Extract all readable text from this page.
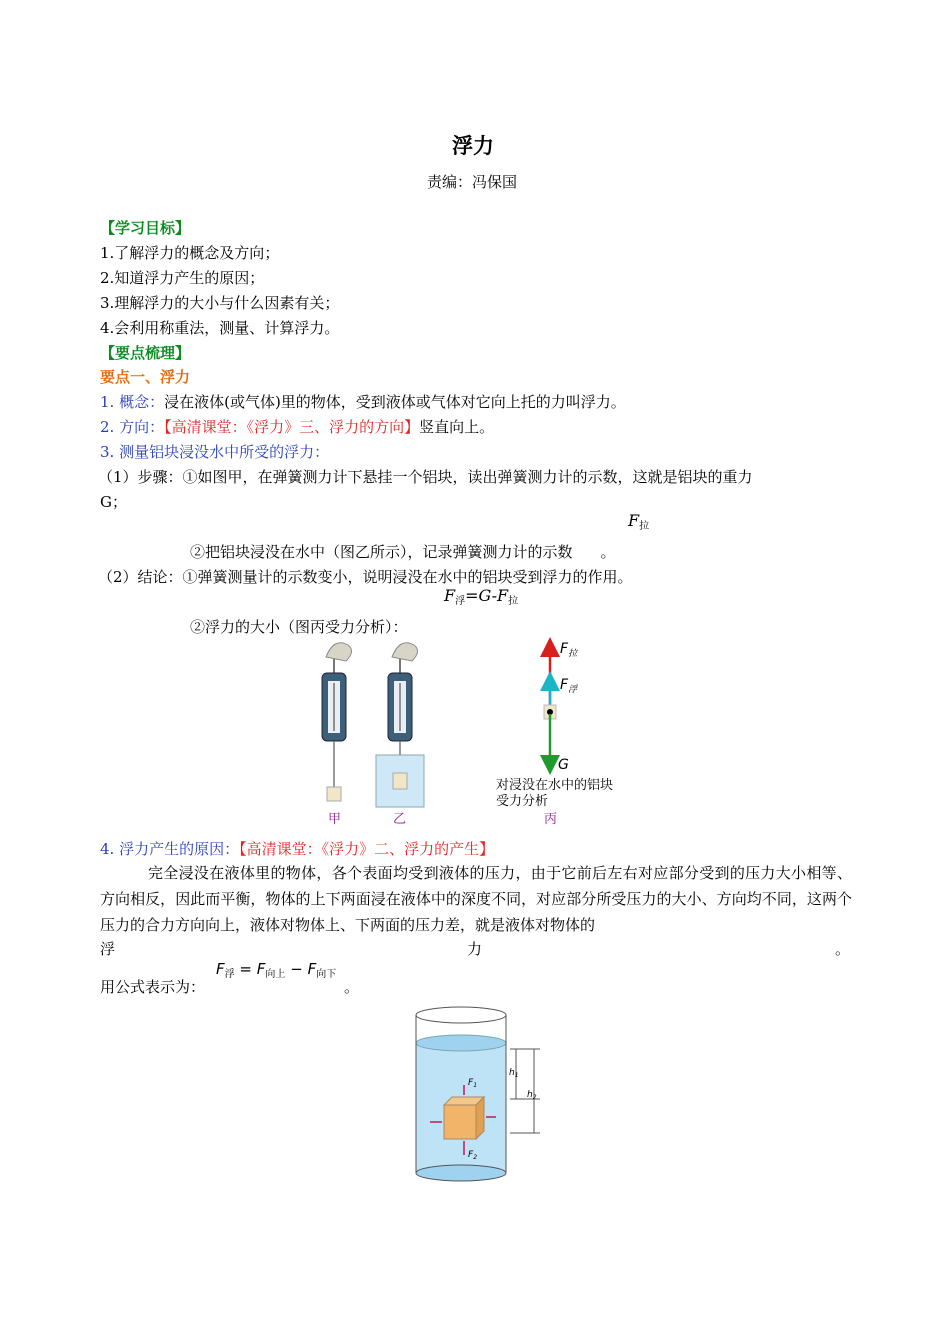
浮力
责编：冯保国
【学习目标】
1.了解浮力的概念及方向；
2.知道浮力产生的原因；
3.理解浮力的大小与什么因素有关；
4.会利用称重法，测量、计算浮力。
【要点梳理】
要点一、浮力
1. 概念：浸在液体(或气体)里的物体，受到液体或气体对它向上托的力叫浮力。
2. 方向：【高清课堂：《浮力》三、浮力的方向】竖直向上。
3. 测量铝块浸没水中所受的浮力：
（1）步骤：①如图甲，在弹簧测力计下悬挂一个铝块，读出弹簧测力计的示数，这就是铝块的重力
G；
$F_拉$
②把铝块浸没在水中（图乙所示），记录弹簧测力计的示数 。
（2）结论：①弹簧测量计的示数变小，说明浸没在水中的铝块受到浮力的作用。
$F_浮=G-F_拉$
②浮力的大小（图丙受力分析）：
$F_拉$
$F_浮$
G
对浸没在水中的铝块
受力分析
甲	乙	丙
4. 浮力产生的原因：【高清课堂：《浮力》二、浮力的产生】
完全浸没在液体里的物体，各个表面均受到液体的压力，由于它前后左右对应部分受到的压力大小相等、方向相反，因此而平衡，物体的上下两面浸在液体中的深度不同，对应部分所受压力的大小、方向均不同，这两个压力的合力方向向上，液体对物体上、下两面的压力差，就是液体对物体的
浮	力	。
用公式表示为：
$F_浮 = F_{向上} - F_{向下}$
。
$F_1$
$F_2$
$h_1$
$h_2$
